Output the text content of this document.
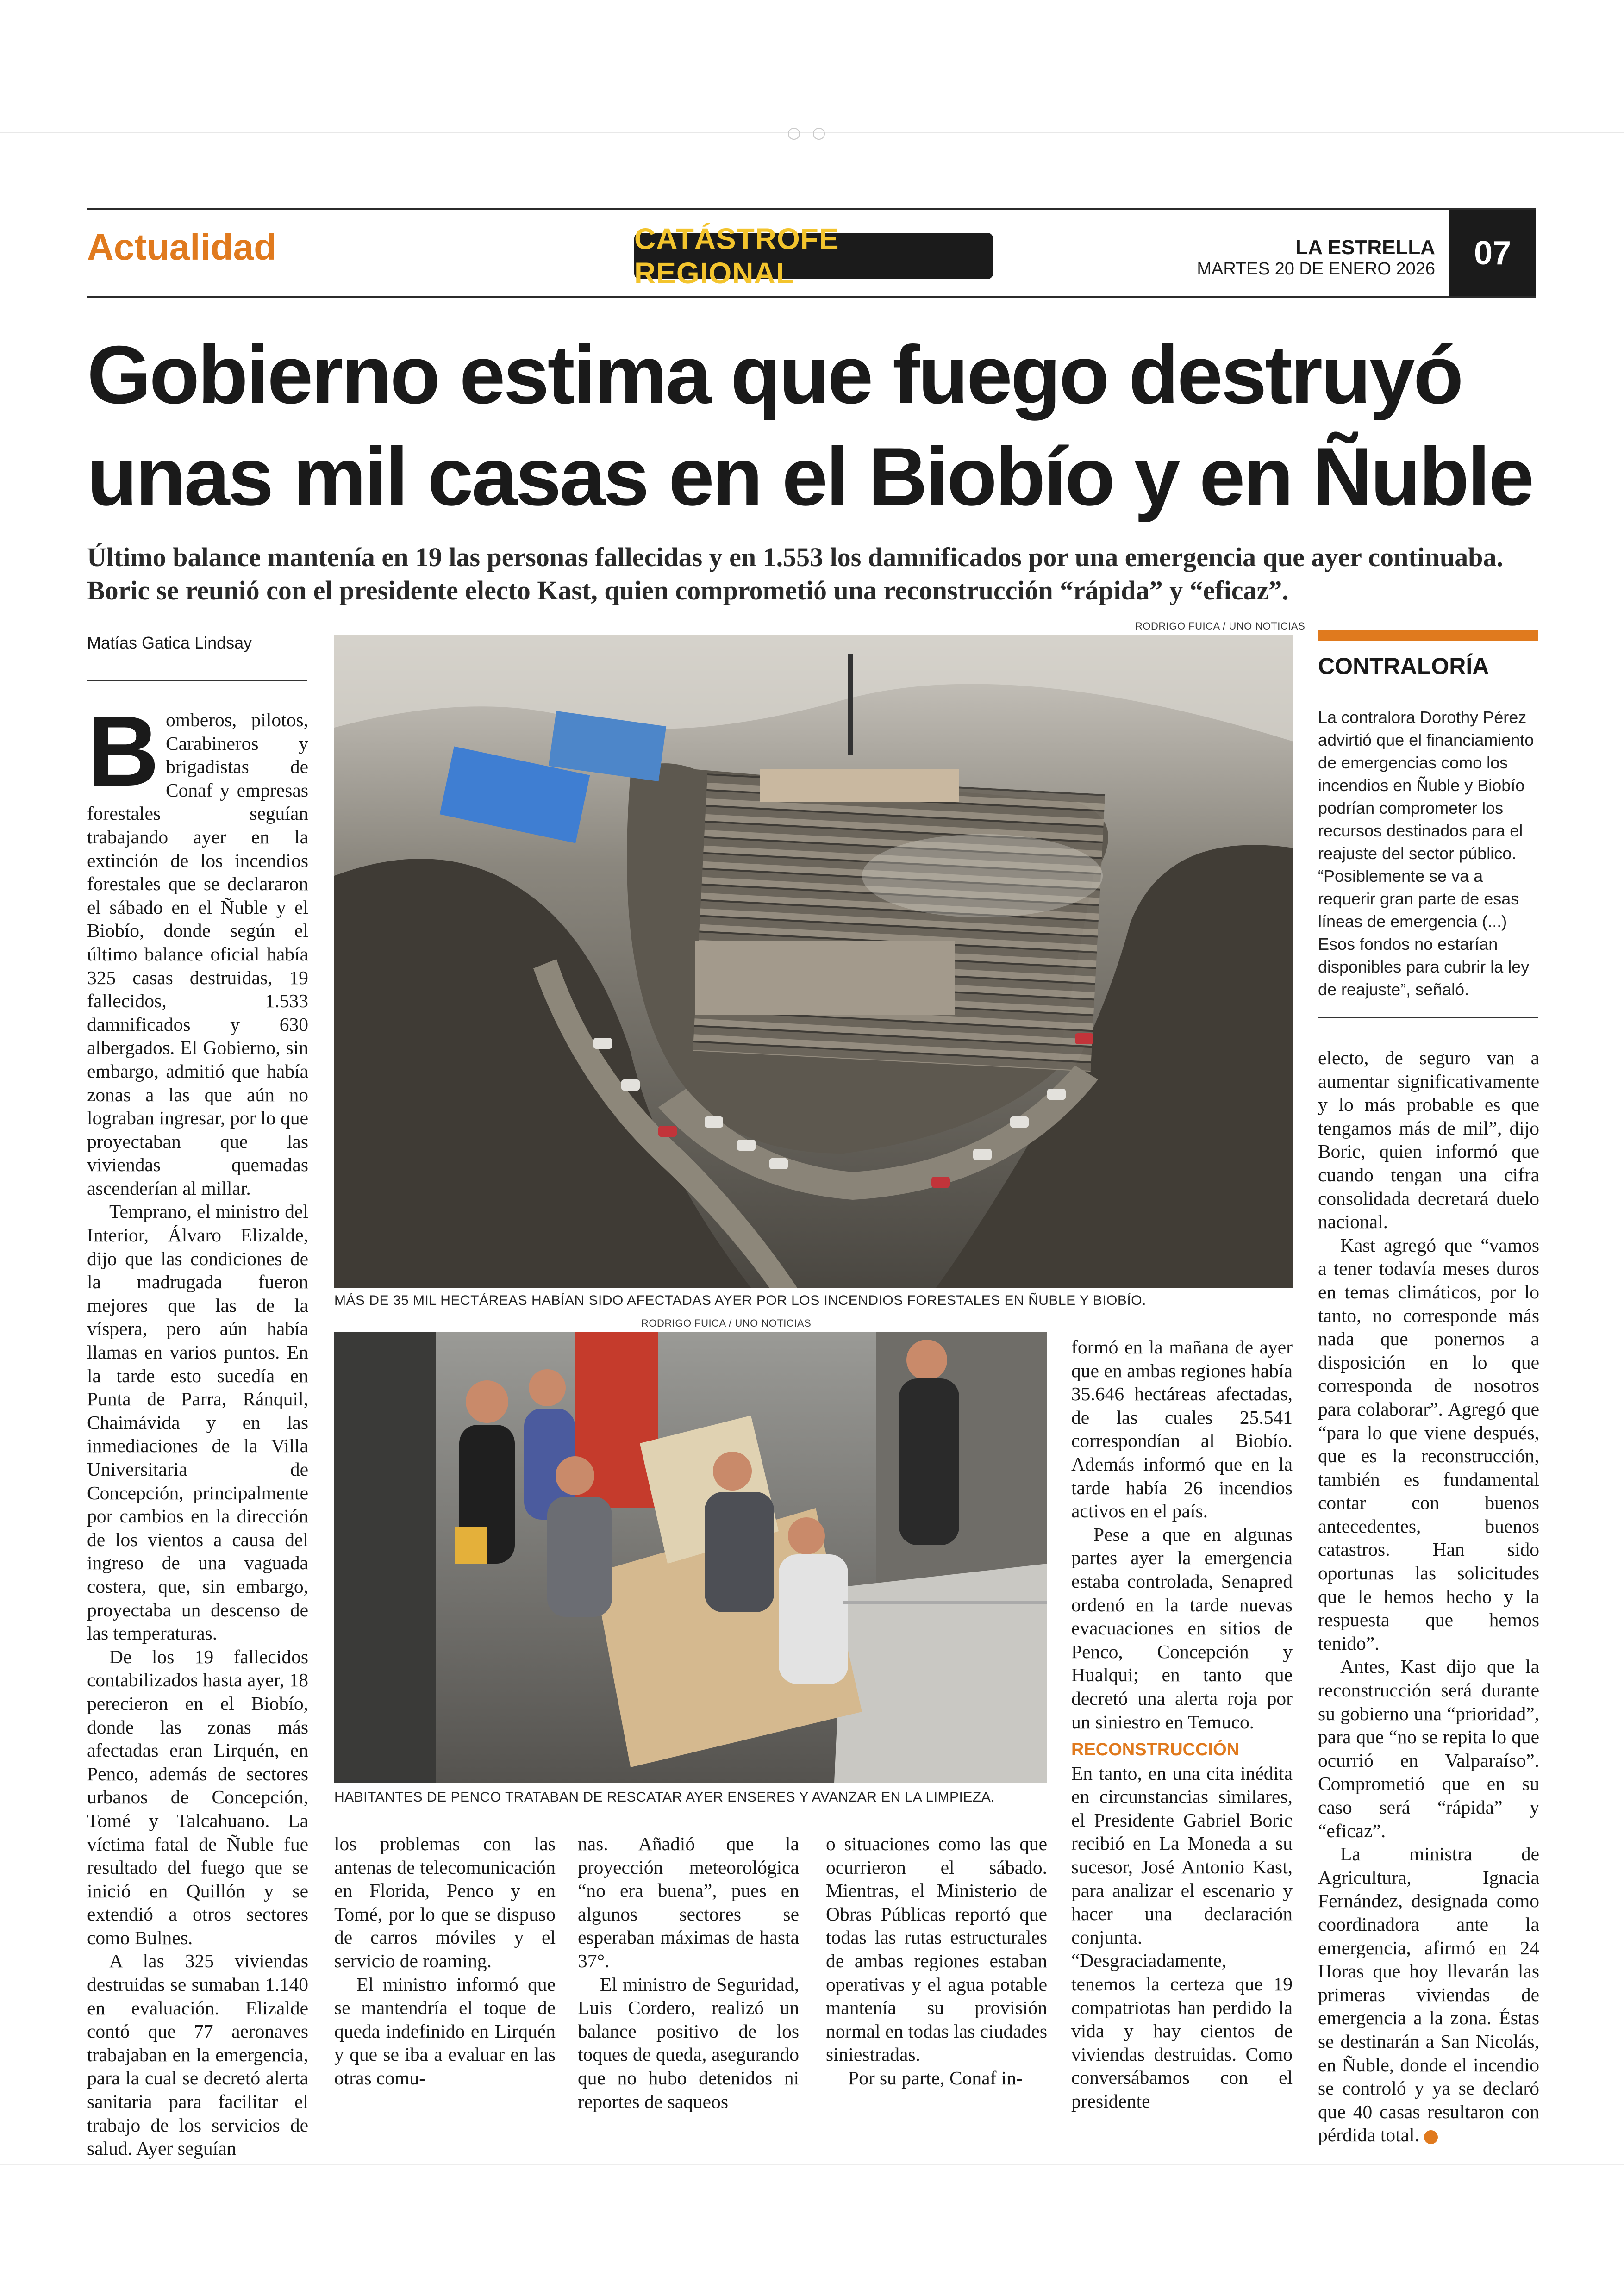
Actualidad	CATÁSTROFE REGIONAL
LA ESTRELLA
MARTES 20 DE ENERO 2026	07
Gobierno estima que fuego destruyó
unas mil casas en el Biobío y en Ñuble
Último balance mantenía en 19 las personas fallecidas y en 1.553 los damnificados por una emergencia que ayer continuaba. Boric se reunió con el presidente electo Kast, quien comprometió una reconstrucción “rápida” y “eficaz”.
Matías Gatica Lindsay

Bomberos, pilotos, Carabineros y brigadistas de Conaf y empresas forestales seguían trabajando ayer en la extinción de los incendios forestales que se declararon el sábado en el Ñuble y el Biobío, donde según el último balance oficial había 325 casas destruidas, 19 fallecidos, 1.533 damnificados y 630 albergados. El Gobierno, sin embargo, admitió que había zonas a las que aún no lograban ingresar, por lo que proyectaban que las viviendas quemadas ascenderían al millar.

Temprano, el ministro del Interior, Álvaro Elizalde, dijo que las condiciones de la madrugada fueron mejores que las de la víspera, pero aún había llamas en varios puntos. En la tarde esto sucedía en Punta de Parra, Ránquil, Chaimávida y en las inmediaciones de la Villa Universitaria de Concepción, principalmente por cambios en la dirección de los vientos a causa del ingreso de una vaguada costera, que, sin embargo, proyectaba un descenso de las temperaturas.

De los 19 fallecidos contabilizados hasta ayer, 18 perecieron en el Biobío, donde las zonas más afectadas eran Lirquén, en Penco, además de sectores urbanos de Concepción, Tomé y Talcahuano. La víctima fatal de Ñuble fue resultado del fuego que se inició en Quillón y se extendió a otros sectores como Bulnes.

A las 325 viviendas destruidas se sumaban 1.140 en evaluación. Elizalde contó que 77 aeronaves trabajaban en la emergencia, para la cual se decretó alerta sanitaria para facilitar el trabajo de los servicios de salud. Ayer seguían

RODRIGO FUICA / UNO NOTICIAS
MÁS DE 35 MIL HECTÁREAS HABÍAN SIDO AFECTADAS AYER POR LOS INCENDIOS FORESTALES EN ÑUBLE Y BIOBÍO.
RODRIGO FUICA / UNO NOTICIAS
HABITANTES DE PENCO TRATABAN DE RESCATAR AYER ENSERES Y AVANZAR EN LA LIMPIEZA.

los problemas con las antenas de telecomunicación en Florida, Penco y en Tomé, por lo que se dispuso de carros móviles y el servicio de roaming.

El ministro informó que se mantendría el toque de queda indefinido en Lirquén y que se iba a evaluar en las otras comu-

nas. Añadió que la proyección meteorológica “no era buena”, pues en algunos sectores se esperaban máximas de hasta 37°.

El ministro de Seguridad, Luis Cordero, realizó un balance positivo de los toques de queda, asegurando que no hubo detenidos ni reportes de saqueos

o situaciones como las que ocurrieron el sábado. Mientras, el Ministerio de Obras Públicas reportó que todas las rutas estructurales de ambas regiones estaban operativas y el agua potable mantenía su provisión normal en todas las ciudades siniestradas.

Por su parte, Conaf in-

formó en la mañana de ayer que en ambas regiones había 35.646 hectáreas afectadas, de las cuales 25.541 correspondían al Biobío. Además informó que en la tarde había 26 incendios activos en el país.

Pese a que en algunas partes ayer la emergencia estaba controlada, Senapred ordenó en la tarde nuevas evacuaciones en sitios de Penco, Concepción y Hualqui; en tanto que decretó una alerta roja por un siniestro en Temuco.

RECONSTRUCCIÓN

En tanto, en una cita inédita en circunstancias similares, el Presidente Gabriel Boric recibió en La Moneda a su sucesor, José Antonio Kast, para analizar el escenario y hacer una declaración conjunta. “Desgraciadamente, tenemos la certeza que 19 compatriotas han perdido la vida y hay cientos de viviendas destruidas. Como conversábamos con el presidente

CONTRALORÍA
La contralora Dorothy Pérez advirtió que el financiamiento de emergencias como los incendios en Ñuble y Biobío podrían comprometer los recursos destinados para el reajuste del sector público. “Posiblemente se va a requerir gran parte de esas líneas de emergencia (...) Esos fondos no estarían disponibles para cubrir la ley de reajuste”, señaló.

electo, de seguro van a aumentar significativamente y lo más probable es que tengamos más de mil”, dijo Boric, quien informó que cuando tengan una cifra consolidada decretará duelo nacional.

Kast agregó que “vamos a tener todavía meses duros en temas climáticos, por lo tanto, no corresponde más nada que ponernos a disposición en lo que corresponda de nosotros para colaborar”. Agregó que “para lo que viene después, que es la reconstrucción, también es fundamental contar con buenos antecedentes, buenos catastros. Han sido oportunas las solicitudes que le hemos hecho y la respuesta que hemos tenido”.

Antes, Kast dijo que la reconstrucción será durante su gobierno una “prioridad”, para que “no se repita lo que ocurrió en Valparaíso”. Comprometió que en su caso será “rápida” y “eficaz”.

La ministra de Agricultura, Ignacia Fernández, designada como coordinadora ante la emergencia, afirmó en 24 Horas que hoy llevarán las primeras viviendas de emergencia a la zona. Éstas se destinarán a San Nicolás, en Ñuble, donde el incendio se controló y ya se declaró que 40 casas resultaron con pérdida total. ✦
